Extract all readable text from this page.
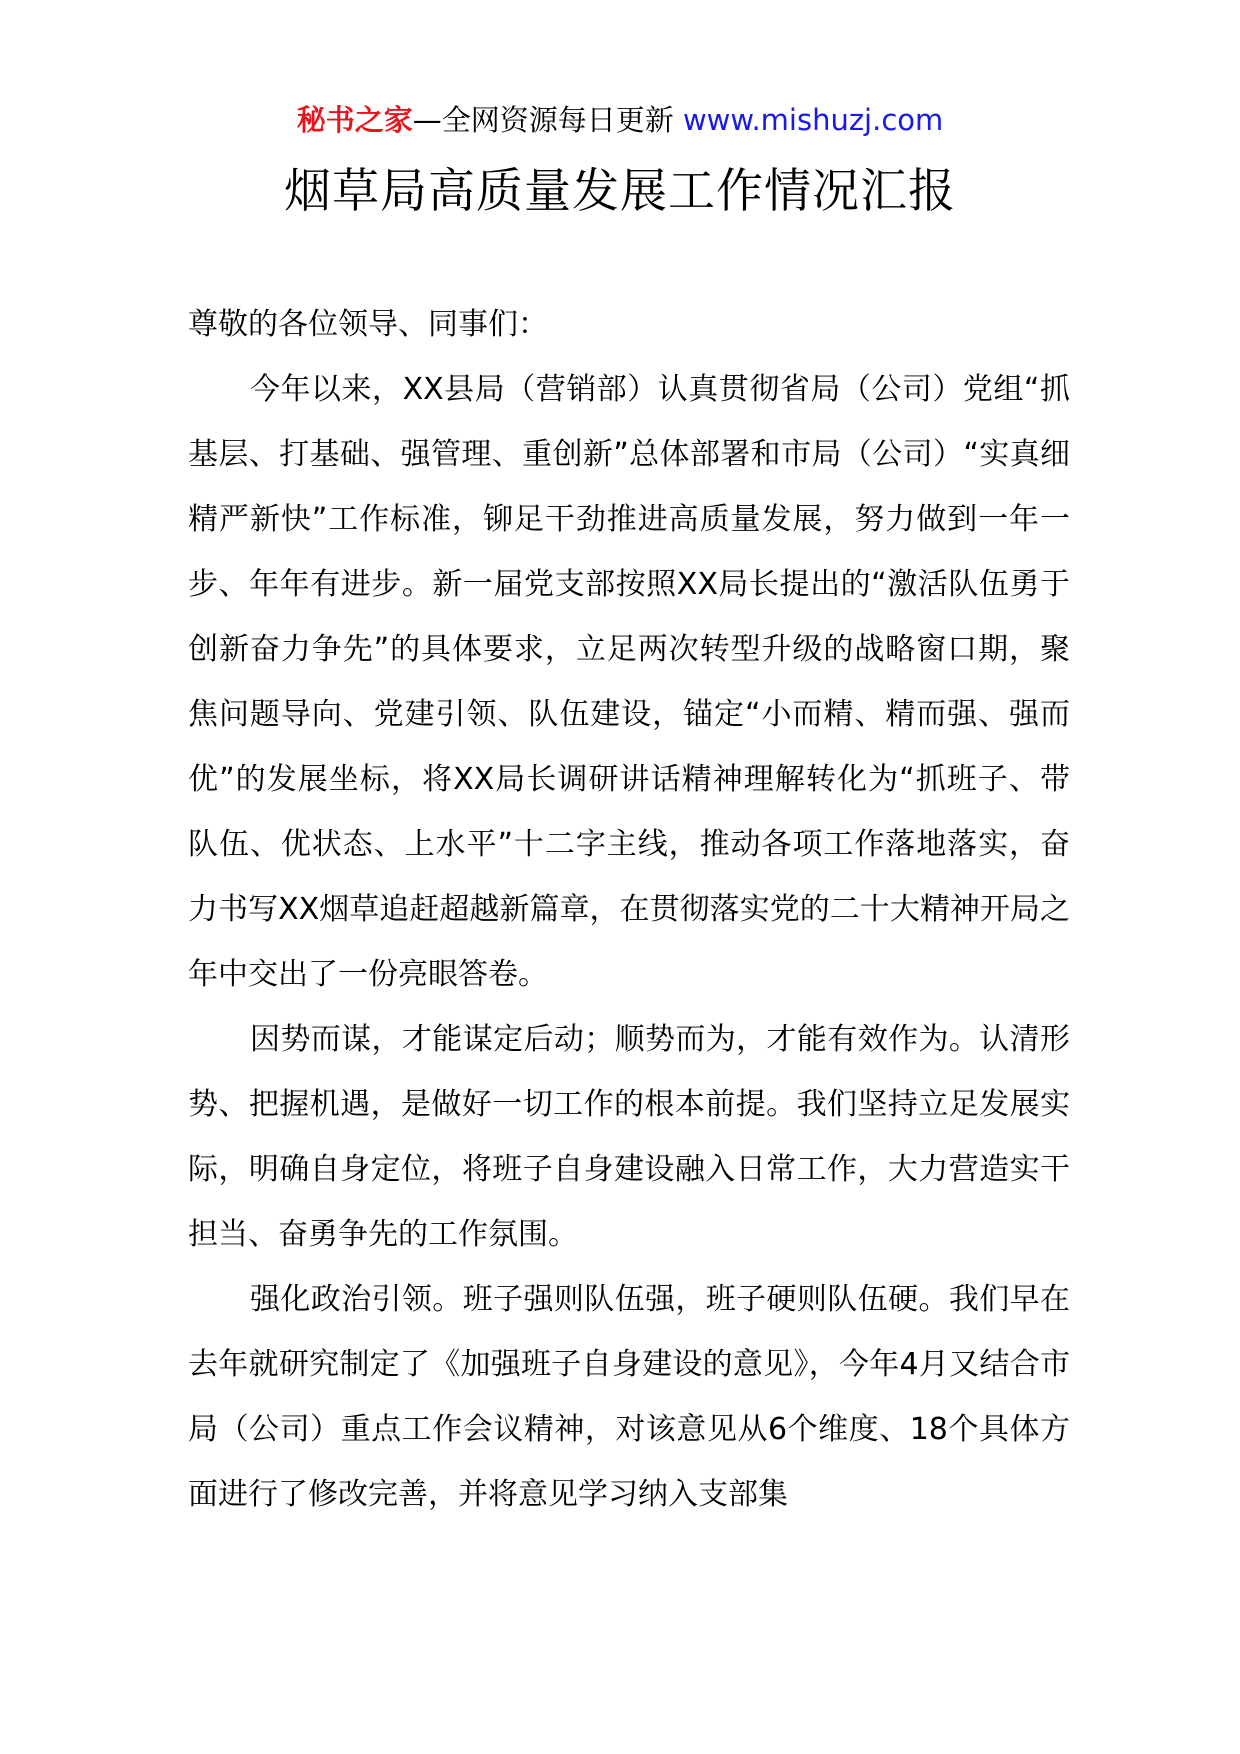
秘书之家—全网资源每日更新 www.mishuzj.com
烟草局高质量发展工作情况汇报

尊敬的各位领导、同事们：

今年以来，XX县局（营销部）认真贯彻省局（公司）党组“抓基层、打基础、强管理、重创新”总体部署和市局（公司）“实真细精严新快”工作标准，铆足干劲推进高质量发展，努力做到一年一步、年年有进步。新一届党支部按照XX局长提出的“激活队伍勇于创新奋力争先”的具体要求，立足两次转型升级的战略窗口期，聚焦问题导向、党建引领、队伍建设，锚定“小而精、精而强、强而优”的发展坐标，将XX局长调研讲话精神理解转化为“抓班子、带队伍、优状态、上水平”十二字主线，推动各项工作落地落实，奋力书写XX烟草追赶超越新篇章，在贯彻落实党的二十大精神开局之年中交出了一份亮眼答卷。

因势而谋，才能谋定后动；顺势而为，才能有效作为。认清形势、把握机遇，是做好一切工作的根本前提。我们坚持立足发展实际，明确自身定位，将班子自身建设融入日常工作，大力营造实干担当、奋勇争先的工作氛围。

强化政治引领。班子强则队伍强，班子硬则队伍硬。我们早在去年就研究制定了《加强班子自身建设的意见》，今年4月又结合市局（公司）重点工作会议精神，对该意见从6个维度、18个具体方面进行了修改完善，并将意见学习纳入支部集
